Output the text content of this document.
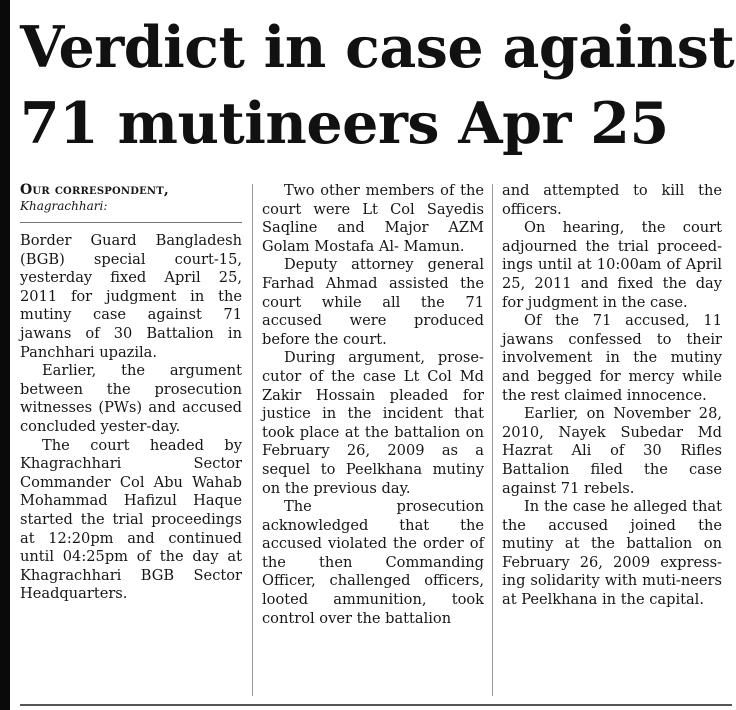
Verdict in case against
71 mutineers Apr 25
Our correspondent,
Khagrachhari:

Border Guard Bangladesh (BGB) special court-15, yesterday fixed April 25, 2011 for judgment in the mutiny case against 71 jawans of 30 Battalion in Panchhari upazila.

Earlier, the argument between the prosecution witnesses (PWs) and accused concluded yester-day.

The court headed by Khagrachhari Sector Commander Col Abu Wahab Mohammad Hafizul Haque started the trial proceedings at 12:20pm and continued until 04:25pm of the day at Khagrachhari BGB Sector Headquarters.

Two other members of the court were Lt Col Sayedis Saqline and Major AZM Golam Mostafa Al- Mamun.

Deputy attorney general Farhad Ahmad assisted the court while all the 71 accused were produced before the court.

During argument, prose-cutor of the case Lt Col Md Zakir Hossain pleaded for justice in the incident that took place at the battalion on February 26, 2009 as a sequel to Peelkhana mutiny on the previous day.

The prosecution acknowledged that the accused violated the order of the then Commanding Officer, challenged officers, looted ammunition, took control over the battalion

and attempted to kill the officers.

On hearing, the court adjourned the trial proceed-ings until at 10:00am of April 25, 2011 and fixed the day for judgment in the case.

Of the 71 accused, 11 jawans confessed to their involvement in the mutiny and begged for mercy while the rest claimed innocence.

Earlier, on November 28, 2010, Nayek Subedar Md Hazrat Ali of 30 Rifles Battalion filed the case against 71 rebels.

In the case he alleged that the accused joined the mutiny at the battalion on February 26, 2009 express-ing solidarity with muti-neers at Peelkhana in the capital.
